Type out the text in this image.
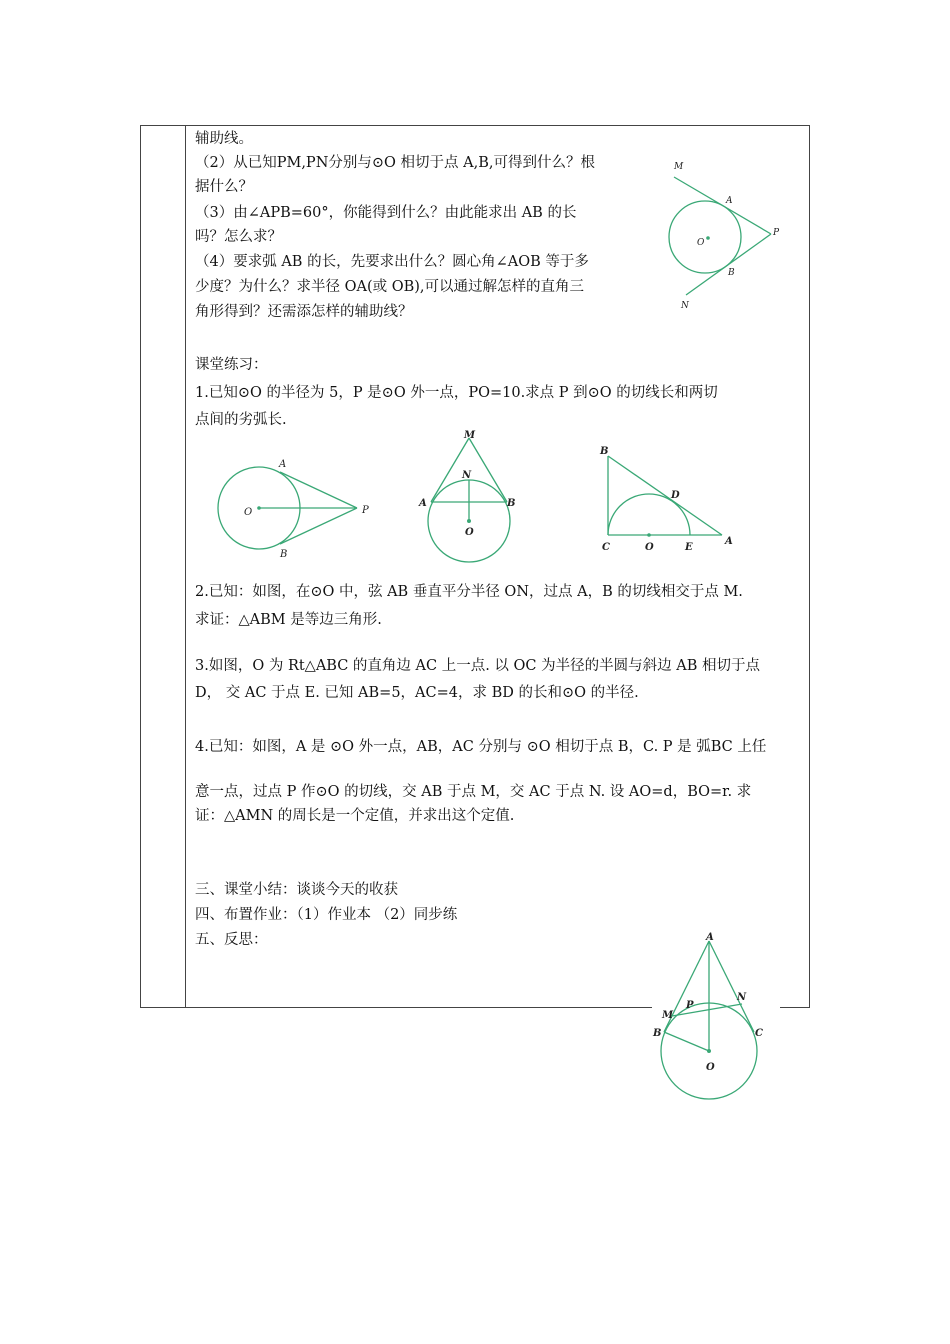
辅助线。
（2）从已知PM,PN分别与⊙O 相切于点 A,B,可得到什么？根
据什么？
（3）由∠APB=60°，你能得到什么？由此能求出 AB 的长
吗？怎么求？
（4）要求弧 AB 的长，先要求出什么？圆心角∠AOB 等于多
少度？为什么？求半径 OA(或 OB),可以通过解怎样的直角三
角形得到？还需添怎样的辅助线？
M
A
O
P
B
N
课堂练习：
1.已知⊙O 的半径为 5，P 是⊙O 外一点，PO=10.求点 P 到⊙O 的切线长和两切
点间的劣弧长.
A
O	P
B
M
N
A	B
O
B
D
C	O	E
A
2.已知：如图，在⊙O 中，弦 AB 垂直平分半径 ON，过点 A，B 的切线相交于点 M.
求证：△ABM 是等边三角形.
3.如图，O 为 Rt△ABC 的直角边 AC 上一点. 以 OC 为半径的半圆与斜边 AB 相切于点
D， 交 AC 于点 E. 已知 AB=5，AC=4，求 BD 的长和⊙O 的半径.
4.已知：如图，A 是 ⊙O 外一点，AB，AC 分别与 ⊙O 相切于点 B，C. P 是 弧BC 上任
意一点，过点 P 作⊙O 的切线，交 AB 于点 M，交 AC 于点 N. 设 AO=d，BO=r. 求
证：△AMN 的周长是一个定值，并求出这个定值.
三、课堂小结：谈谈今天的收获
四、布置作业：（1）作业本 （2）同步练
五、反思：	A
N
M
P
B	C
O
